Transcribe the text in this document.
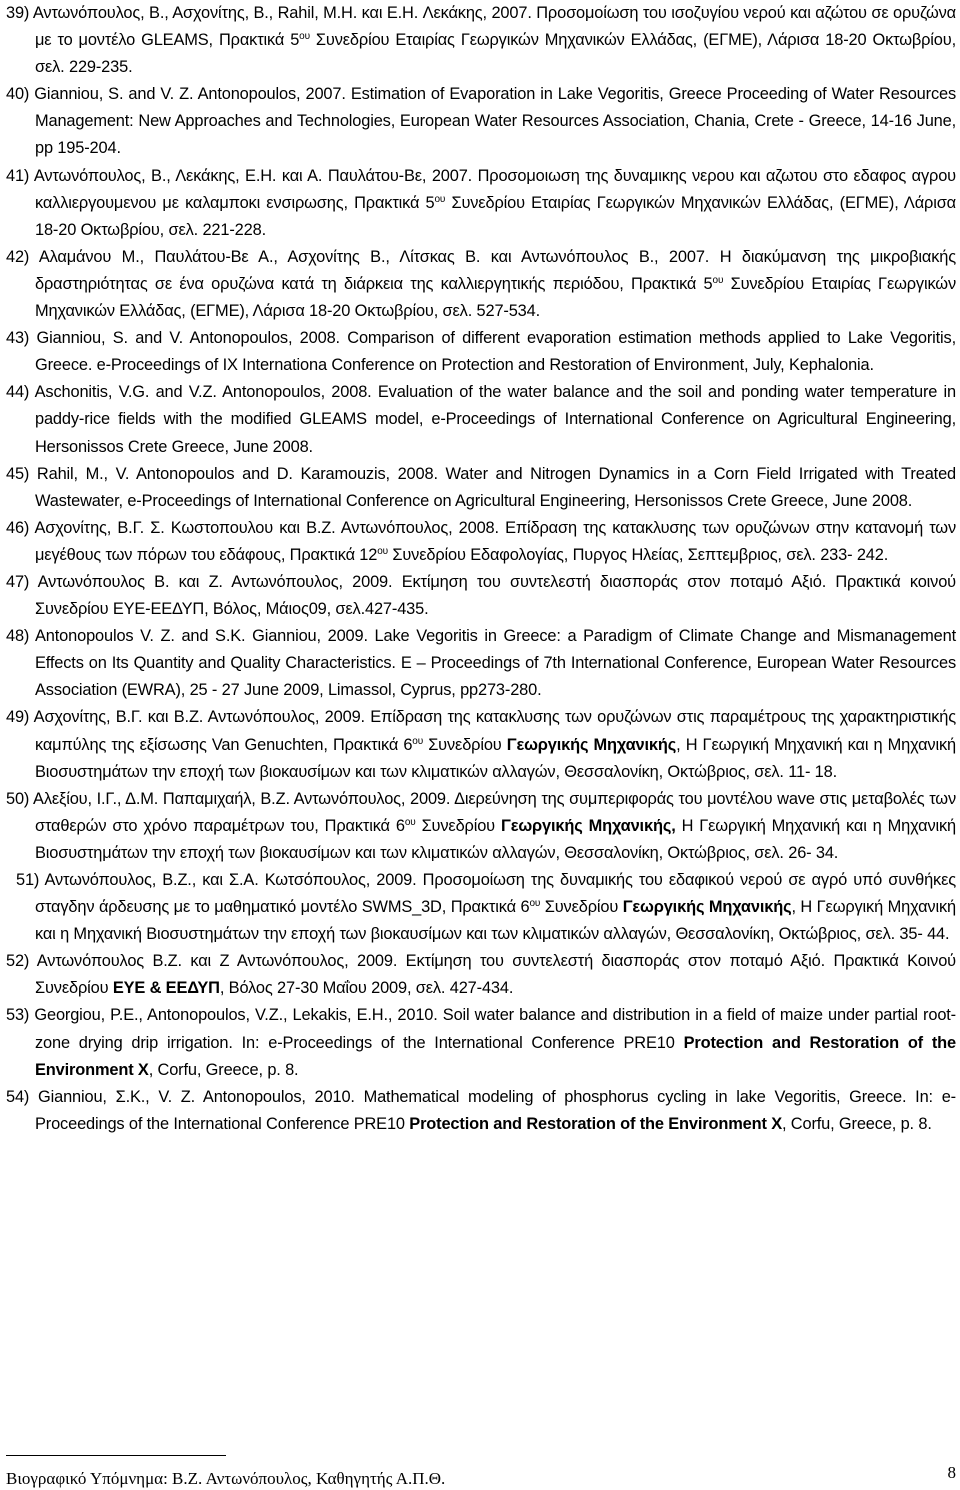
39) Αντωνόπουλος, Β., Ασχονίτης, Β., Rahil, M.H. και E.H. Λεκάκης, 2007. Προσομοίωση του ισοζυγίου νερού και αζώτου σε ορυζώνα με το μοντέλο GLEAMS, Πρακτικά $5^{o\upsilon}$ Συνεδρίου Εταιρίας Γεωργικών Μηχανικών Ελλάδας, (ΕΓΜΕ), Λάρισα 18-20 Οκτωβρίου, σελ. 229-235.

40) Gianniou, S. and V. Z. Antonopoulos, 2007. Estimation of Evaporation in Lake Vegoritis, Greece Proceeding of Water Resources Management: New Approaches and Technologies, European Water Resources Association, Chania, Crete - Greece, 14-16 June, pp 195-204.

41) Αντωνόπουλος, Β., Λεκάκης, Ε.Η. και Α. Παυλάτου-Βε, 2007. Προσομοιωση της δυναμικης νερου και αζωτου στο εδαφος αγρου καλλιεργουμενου με καλαμποκι ενσιρωσης, Πρακτικά $5^{o\upsilon}$ Συνεδρίου Εταιρίας Γεωργικών Μηχανικών Ελλάδας, (ΕΓΜΕ), Λάρισα 18-20 Οκτωβρίου, σελ. 221-228.

42) Αλαμάνου Μ., Παυλάτου-Βε Α., Ασχονίτης Β., Λίτσκας Β. και Αντωνόπουλος Β., 2007. Η διακύμανση της μικροβιακής δραστηριότητας σε ένα ορυζώνα κατά τη διάρκεια της καλλιεργητικής περιόδου, Πρακτικά $5^{o\upsilon}$ Συνεδρίου Εταιρίας Γεωργικών Μηχανικών Ελλάδας, (ΕΓΜΕ), Λάρισα 18-20 Οκτωβρίου, σελ. 527-534.

43) Gianniou, S. and V. Antonopoulos, 2008. Comparison of different evaporation estimation methods applied to Lake Vegoritis, Greece. e-Proceedings of IX Internationa Conference on Protection and Restoration of Environment, July, Kephalonia.

44) Aschonitis, V.G. and V.Z. Antonopoulos, 2008. Evaluation of the water balance and the soil and ponding water temperature in paddy-rice fields with the modified GLEAMS model, e-Proceedings of International Conference on Agricultural Engineering, Hersonissos Crete Greece, June 2008.

45) Rahil, M., V. Antonopoulos and D. Karamouzis, 2008. Water and Nitrogen Dynamics in a Corn Field Irrigated with Treated Wastewater, e-Proceedings of International Conference on Agricultural Engineering, Hersonissos Crete Greece, June 2008.

46) Ασχονίτης, Β.Γ. Σ. Κωστοπουλου και Β.Ζ. Αντωνόπουλος, 2008. Επίδραση της κατακλυσης των ορυζώνων στην κατανομή των μεγέθους των πόρων του εδάφους, Πρακτικά $12^{o\upsilon}$ Συνεδρίου Εδαφολογίας, Πυργος Ηλείας, Σεπτεμβριος, σελ. 233- 242.

47) Αντωνόπουλος Β. και Ζ. Αντωνόπουλος, 2009. Εκτίμηση του συντελεστή διασποράς στον ποταμό Αξιό. Πρακτικά κοινού Συνεδρίου ΕΥΕ-ΕΕΔΥΠ, Βόλος, Μάιος09, σελ.427-435.

48) Antonopoulos V. Z. and S.K. Gianniou, 2009. Lake Vegoritis in Greece: a Paradigm of Climate Change and Mismanagement Effects on Its Quantity and Quality Characteristics. E – Proceedings of 7th International Conference, European Water Resources Association (EWRA), 25 - 27 June 2009, Limassol, Cyprus, pp273-280.

49) Ασχονίτης, Β.Γ. και Β.Ζ. Αντωνόπουλος, 2009. Επίδραση της κατακλυσης των ορυζώνων στις παραμέτρους της χαρακτηριστικής καμπύλης της εξίσωσης Van Genuchten, Πρακτικά $6^{o\upsilon}$ Συνεδρίου Γεωργικής Μηχανικής, Η Γεωργική Μηχανική και η Μηχανική Βιοσυστημάτων την εποχή των βιοκαυσίμων και των κλιματικών αλλαγών, Θεσσαλονίκη, Οκτώβριος, σελ. 11- 18.

50) Αλεξίου, Ι.Γ., Δ.Μ. Παπαμιχαήλ, Β.Ζ. Αντωνόπουλος, 2009. Διερεύνηση της συμπεριφοράς του μοντέλου wave στις μεταβολές των σταθερών στο χρόνο παραμέτρων του, Πρακτικά $6^{o\upsilon}$ Συνεδρίου Γεωργικής Μηχανικής, Η Γεωργική Μηχανική και η Μηχανική Βιοσυστημάτων την εποχή των βιοκαυσίμων και των κλιματικών αλλαγών, Θεσσαλονίκη, Οκτώβριος, σελ. 26- 34.

51) Αντωνόπουλος, Β.Ζ., και Σ.Α. Κωτσόπουλος, 2009. Προσομοίωση της δυναμικής του εδαφικού νερού σε αγρό υπό συνθήκες σταγδην άρδευσης με το μαθηματικό μοντέλο SWMS_3D, Πρακτικά $6^{o\upsilon}$ Συνεδρίου Γεωργικής Μηχανικής, Η Γεωργική Μηχανική και η Μηχανική Βιοσυστημάτων την εποχή των βιοκαυσίμων και των κλιματικών αλλαγών, Θεσσαλονίκη, Οκτώβριος, σελ. 35- 44.

52) Αντωνόπουλος Β.Ζ. και Ζ Αντωνόπουλος, 2009. Εκτίμηση του συντελεστή διασποράς στον ποταμό Αξιό. Πρακτικά Κοινού Συνεδρίου ΕΥΕ & ΕΕΔΥΠ, Βόλος 27-30 Μαΐου 2009, σελ. 427-434.

53) Georgiou, P.E., Antonopoulos, V.Z., Lekakis, E.H., 2010. Soil water balance and distribution in a field of maize under partial root-zone drying drip irrigation. In: e-Proceedings of the International Conference PRE10 Protection and Restoration of the Environment X, Corfu, Greece, p. 8.

54) Gianniou, Σ.Κ., V. Z. Antonopoulos, 2010. Mathematical modeling of phosphorus cycling in lake Vegoritis, Greece. In: e-Proceedings of the International Conference PRE10 Protection and Restoration of the Environment X, Corfu, Greece, p. 8.

Βιογραφικό Υπόμνημα: Β.Ζ. Αντωνόπουλος, Καθηγητής Α.Π.Θ.	8
